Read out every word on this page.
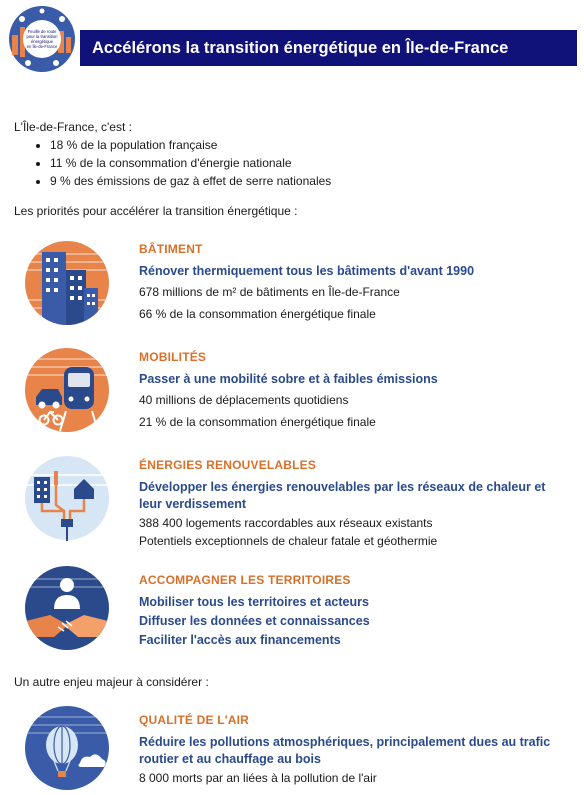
Feuille de route
pour la transition
énergétique
en Île-de-France	Accélérons la transition énergétique en Île-de-France
L'Île-de-France, c'est :
• 18 % de la population française
• 11 % de la consommation d'énergie nationale
• 9 % des émissions de gaz à effet de serre nationales
Les priorités pour accélérer la transition énergétique :
BÂTIMENT
Rénover thermiquement tous les bâtiments d'avant 1990
678 millions de m² de bâtiments en Île-de-France
66 % de la consommation énergétique finale
MOBILITÉS
Passer à une mobilité sobre et à faibles émissions
40 millions de déplacements quotidiens
21 % de la consommation énergétique finale
ÉNERGIES RENOUVELABLES
Développer les énergies renouvelables par les réseaux de chaleur et leur verdissement
388 400 logements raccordables aux réseaux existants
Potentiels exceptionnels de chaleur fatale et géothermie
ACCOMPAGNER LES TERRITOIRES
Mobiliser tous les territoires et acteurs
Diffuser les données et connaissances
Faciliter l'accès aux financements
Un autre enjeu majeur à considérer :
QUALITÉ DE L'AIR
Réduire les pollutions atmosphériques, principalement dues au trafic routier et au chauffage au bois
8 000 morts par an liées à la pollution de l'air
